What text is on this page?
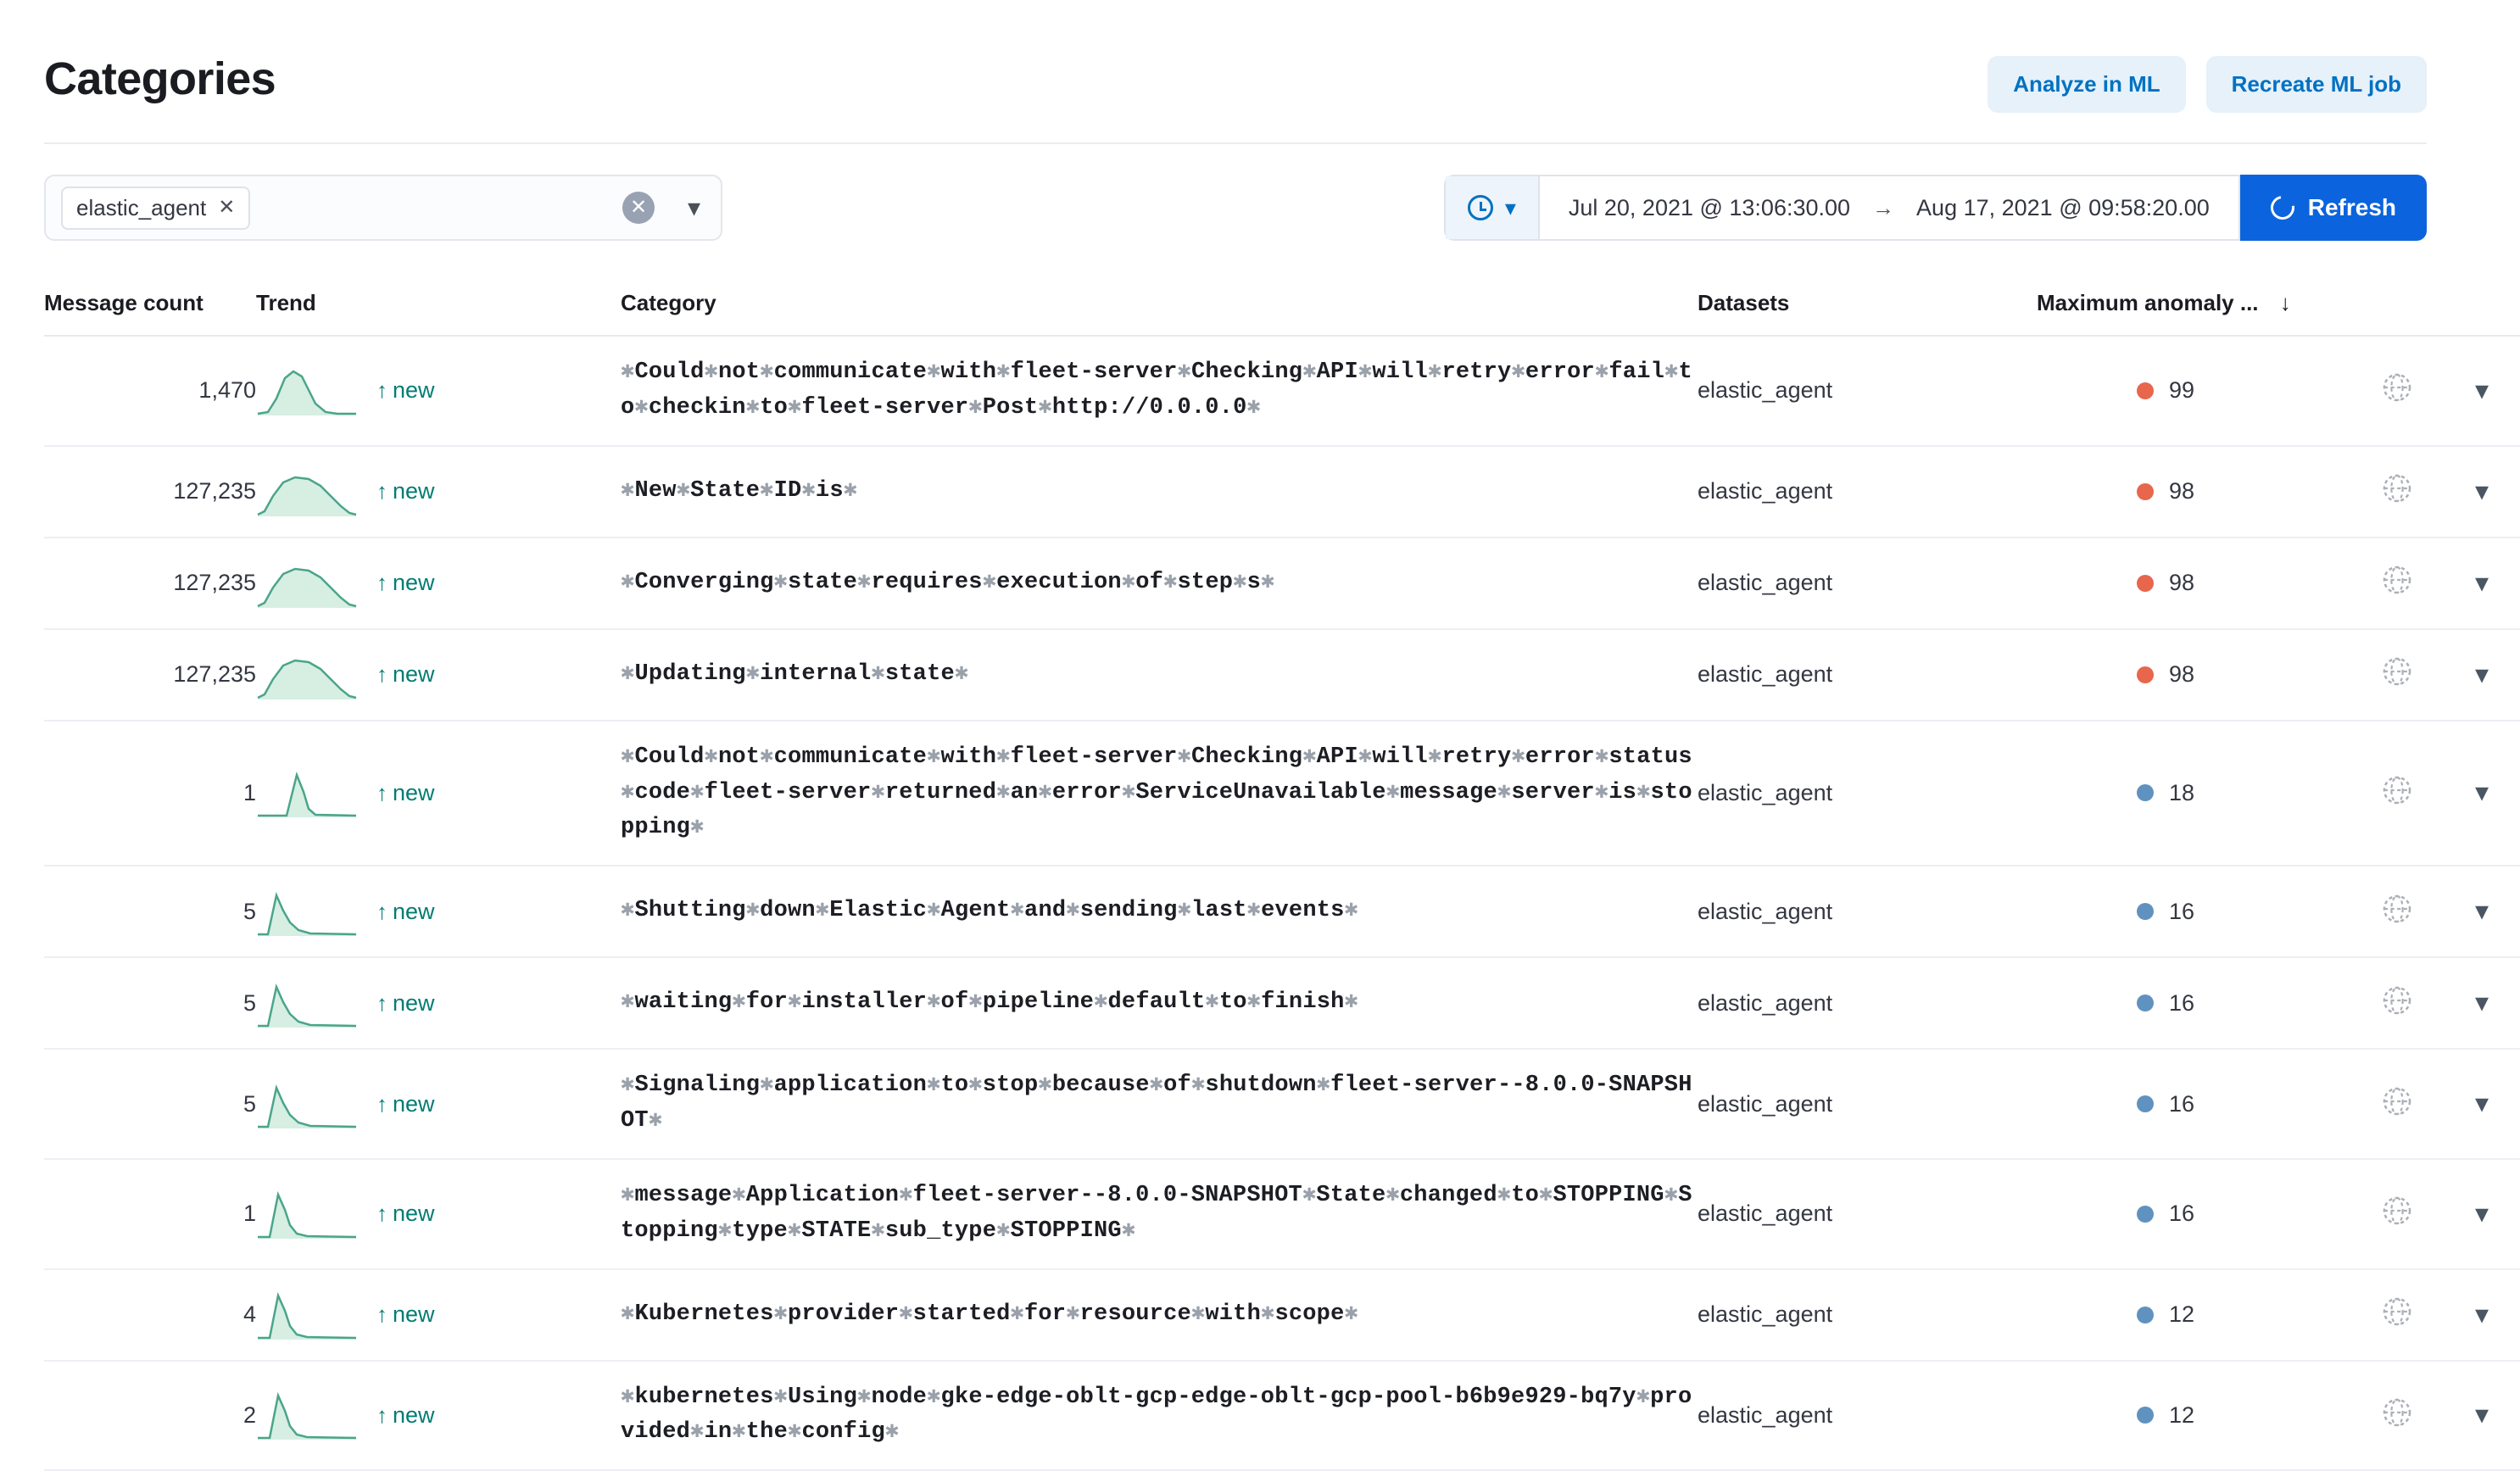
Categories	Analyze in ML	Recreate ML job
elastic_agent ✕	✕ ▾	▾ Jul 20, 2021 @ 13:06:30.00 → Aug 17, 2021 @ 09:58:20.00	Refresh
Message count	Trend	Category	Datasets	Maximum anomaly ... ↓		
1,470	↑ new	✱Could✱not✱communicate✱with✱fleet-server✱Checking✱API✱will✱retry✱error✱fail✱to✱checkin✱to✱fleet-server✱Post✱http://0.0.0.0✱	elastic_agent	99		▾
127,235	↑ new	✱New✱State✱ID✱is✱	elastic_agent	98		▾
127,235	↑ new	✱Converging✱state✱requires✱execution✱of✱step✱s✱	elastic_agent	98		▾
127,235	↑ new	✱Updating✱internal✱state✱	elastic_agent	98		▾
1	↑ new	✱Could✱not✱communicate✱with✱fleet-server✱Checking✱API✱will✱retry✱error✱status✱code✱fleet-server✱returned✱an✱error✱ServiceUnavailable✱message✱server✱is✱stopping✱	elastic_agent	18		▾
5	↑ new	✱Shutting✱down✱Elastic✱Agent✱and✱sending✱last✱events✱	elastic_agent	16		▾
5	↑ new	✱waiting✱for✱installer✱of✱pipeline✱default✱to✱finish✱	elastic_agent	16		▾
5	↑ new	✱Signaling✱application✱to✱stop✱because✱of✱shutdown✱fleet-server--8.0.0-SNAPSHOT✱	elastic_agent	16		▾
1	↑ new	✱message✱Application✱fleet-server--8.0.0-SNAPSHOT✱State✱changed✱to✱STOPPING✱Stopping✱type✱STATE✱sub_type✱STOPPING✱	elastic_agent	16		▾
4	↑ new	✱Kubernetes✱provider✱started✱for✱resource✱with✱scope✱	elastic_agent	12		▾
2	↑ new	✱kubernetes✱Using✱node✱gke-edge-oblt-gcp-edge-oblt-gcp-pool-b6b9e929-bq7y✱provided✱in✱the✱config✱	elastic_agent	12		▾
